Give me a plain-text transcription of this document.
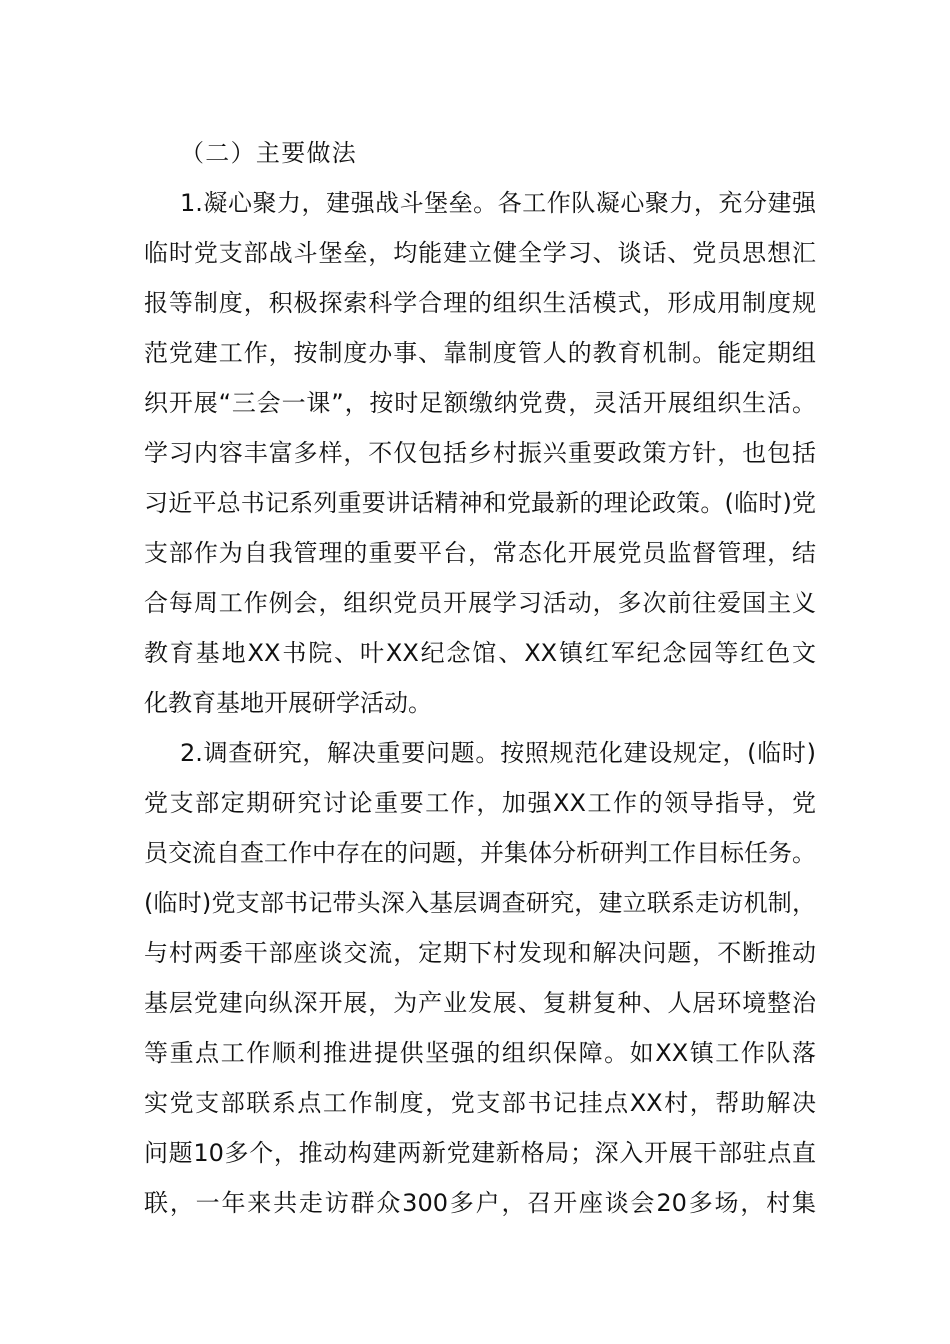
（二）主要做法
1.凝心聚力，建强战斗堡垒。各工作队凝心聚力，充分建强
临时党支部战斗堡垒，均能建立健全学习、谈话、党员思想汇
报等制度，积极探索科学合理的组织生活模式，形成用制度规
范党建工作，按制度办事、靠制度管人的教育机制。能定期组
织开展“三会一课”，按时足额缴纳党费，灵活开展组织生活。
学习内容丰富多样，不仅包括乡村振兴重要政策方针，也包括
习近平总书记系列重要讲话精神和党最新的理论政策。(临时)党
支部作为自我管理的重要平台，常态化开展党员监督管理，结
合每周工作例会，组织党员开展学习活动，多次前往爱国主义
教育基地XX书院、叶XX纪念馆、XX镇红军纪念园等红色文
化教育基地开展研学活动。
2.调查研究，解决重要问题。按照规范化建设规定，(临时)
党支部定期研究讨论重要工作，加强XX工作的领导指导，党
员交流自查工作中存在的问题，并集体分析研判工作目标任务。
(临时)党支部书记带头深入基层调查研究，建立联系走访机制，
与村两委干部座谈交流，定期下村发现和解决问题，不断推动
基层党建向纵深开展，为产业发展、复耕复种、人居环境整治
等重点工作顺利推进提供坚强的组织保障。如XX镇工作队落
实党支部联系点工作制度，党支部书记挂点XX村，帮助解决
问题10多个，推动构建两新党建新格局；深入开展干部驻点直
联，一年来共走访群众300多户，召开座谈会20多场，村集
